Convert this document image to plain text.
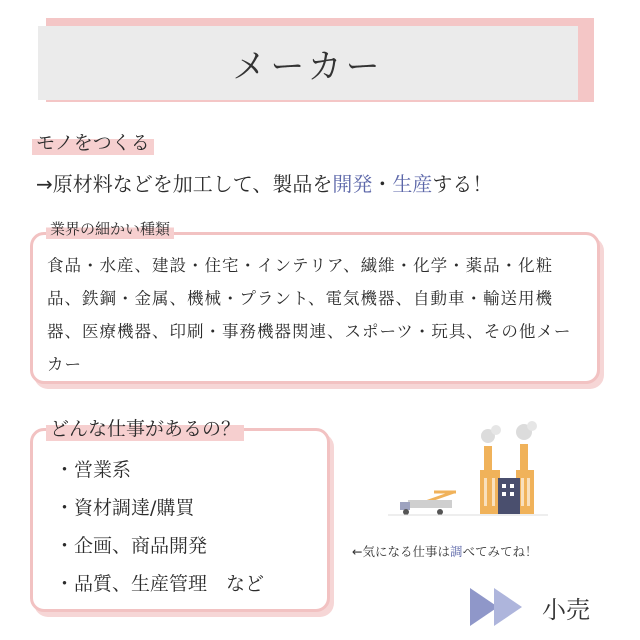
メーカー
モノをつくる
→原材料などを加工して、製品を開発・生産する！
食品・水産、建設・住宅・インテリア、繊維・化学・薬品・化粧品、鉄鋼・金属、機械・プラント、電気機器、自動車・輸送用機器、医療機器、印刷・事務機器関連、スポーツ・玩具、その他メーカー
業界の細かい種類
・営業系
・資材調達/購買
・企画、商品開発
・品質、生産管理　など
どんな仕事があるの？
←気になる仕事は調べてみてね！
小売
